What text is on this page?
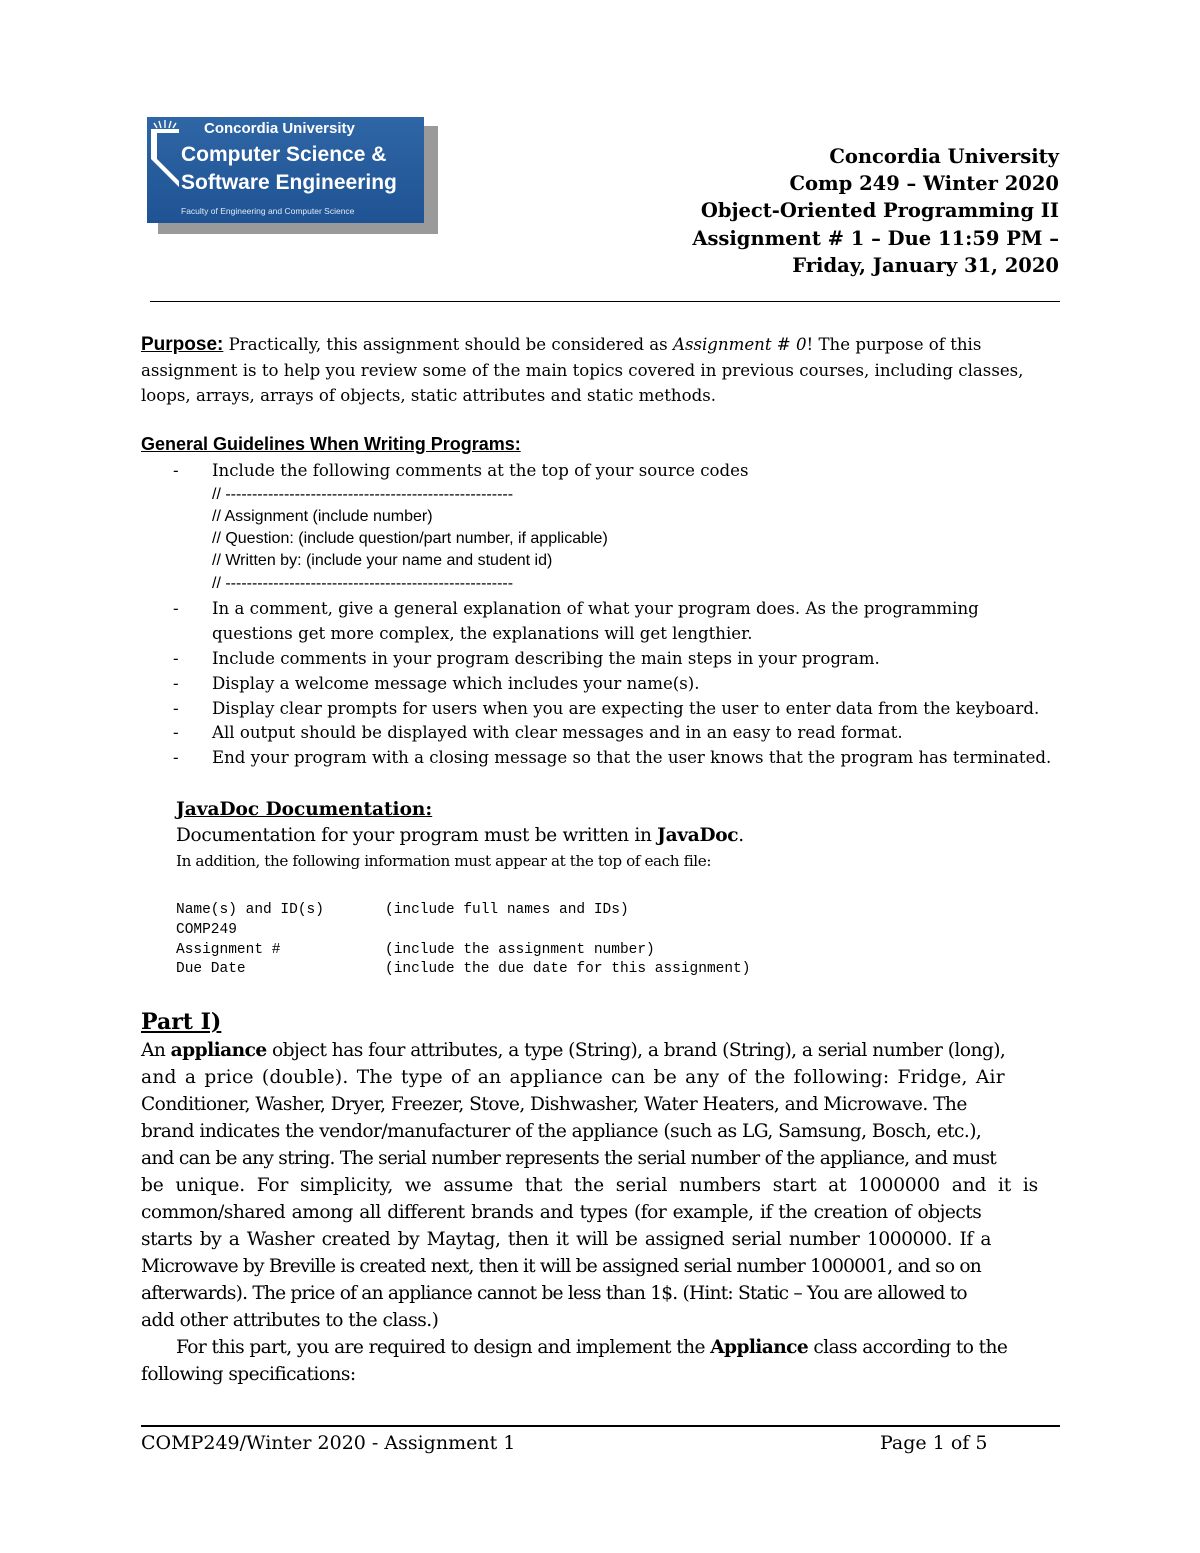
Concordia University
Computer Science &
Software Engineering
Faculty of Engineering and Computer Science
Concordia University
Comp 249 – Winter 2020
Object-Oriented Programming II
Assignment # 1 – Due 11:59 PM –
Friday, January 31, 2020
Purpose: Practically, this assignment should be considered as Assignment # 0! The purpose of this
assignment is to help you review some of the main topics covered in previous courses, including classes,
loops, arrays, arrays of objects, static attributes and static methods.
General Guidelines When Writing Programs:
- Include the following comments at the top of your source codes
// ------------------------------------------------------
// Assignment (include number)
// Question: (include question/part number, if applicable)
// Written by: (include your name and student id)
// ------------------------------------------------------
- In a comment, give a general explanation of what your program does. As the programming
questions get more complex, the explanations will get lengthier.
- Include comments in your program describing the main steps in your program.
- Display a welcome message which includes your name(s).
- Display clear prompts for users when you are expecting the user to enter data from the keyboard.
- All output should be displayed with clear messages and in an easy to read format.
- End your program with a closing message so that the user knows that the program has terminated.
JavaDoc Documentation:
Documentation for your program must be written in JavaDoc.
In addition, the following information must appear at the top of each file:
Name(s) and ID(s)	(include full names and IDs)
COMP249
Assignment #	(include the assignment number)
Due Date	(include the due date for this assignment)
Part I)
An appliance object has four attributes, a type (String), a brand (String), a serial number (long),
and a price (double). The type of an appliance can be any of the following: Fridge, Air
Conditioner, Washer, Dryer, Freezer, Stove, Dishwasher, Water Heaters, and Microwave. The
brand indicates the vendor/manufacturer of the appliance (such as LG, Samsung, Bosch, etc.),
and can be any string. The serial number represents the serial number of the appliance, and must
be unique. For simplicity, we assume that the serial numbers start at 1000000 and it is
common/shared among all different brands and types (for example, if the creation of objects
starts by a Washer created by Maytag, then it will be assigned serial number 1000000. If a
Microwave by Breville is created next, then it will be assigned serial number 1000001, and so on
afterwards). The price of an appliance cannot be less than 1$. (Hint: Static – You are allowed to
add other attributes to the class.)
For this part, you are required to design and implement the Appliance class according to the
following specifications:
COMP249/Winter 2020 - Assignment 1	Page 1 of 5
